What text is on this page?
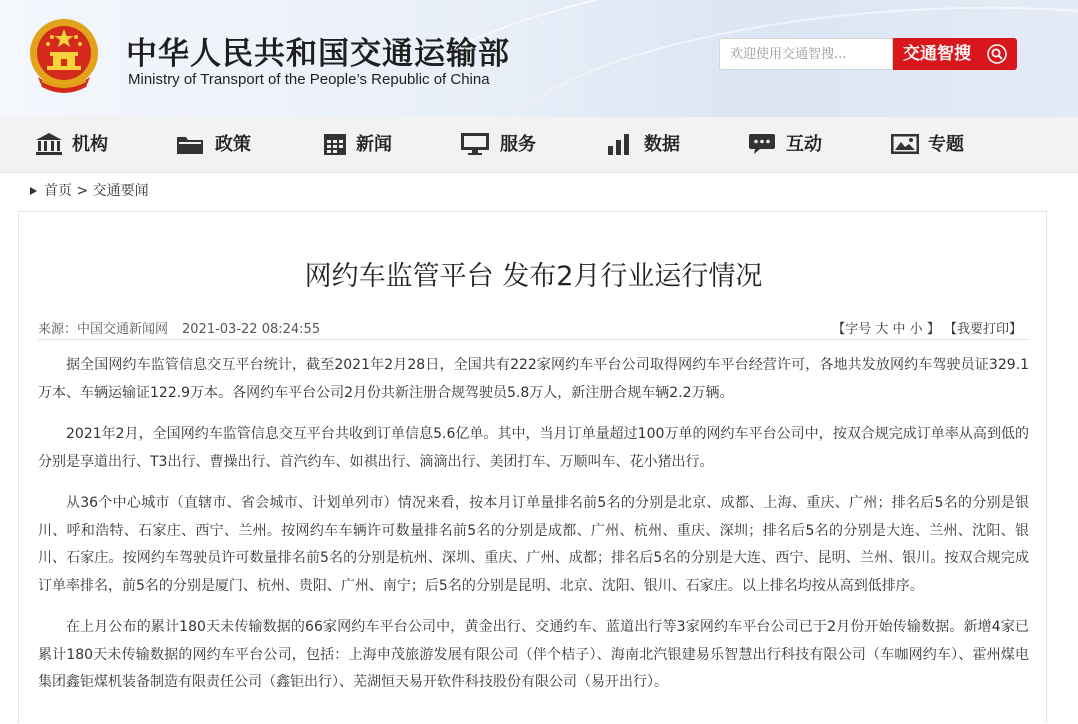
中华人民共和国交通运输部
Ministry of Transport of the People’s Republic of China
欢迎使用交通智搜...
交通智搜
机构	政策	新闻	服务	数据	互动	专题
首页 > 交通要闻
网约车监管平台 发布2月行业运行情况
来源：中国交通新闻网 2021-03-22 08:24:55	【字号 大 中 小 】 【我要打印】

据全国网约车监管信息交互平台统计，截至2021年2月28日，全国共有222家网约车平台公司取得网约车平台经营许可，各地共发放网约车驾驶员证329.1万本、车辆运输证122.9万本。各网约车平台公司2月份共新注册合规驾驶员5.8万人，新注册合规车辆2.2万辆。

2021年2月，全国网约车监管信息交互平台共收到订单信息5.6亿单。其中，当月订单量超过100万单的网约车平台公司中，按双合规完成订单率从高到低的分别是享道出行、T3出行、曹操出行、首汽约车、如祺出行、滴滴出行、美团打车、万顺叫车、花小猪出行。

从36个中心城市（直辖市、省会城市、计划单列市）情况来看，按本月订单量排名前5名的分别是北京、成都、上海、重庆、广州；排名后5名的分别是银川、呼和浩特、石家庄、西宁、兰州。按网约车车辆许可数量排名前5名的分别是成都、广州、杭州、重庆、深圳；排名后5名的分别是大连、兰州、沈阳、银川、石家庄。按网约车驾驶员许可数量排名前5名的分别是杭州、深圳、重庆、广州、成都；排名后5名的分别是大连、西宁、昆明、兰州、银川。按双合规完成订单率排名，前5名的分别是厦门、杭州、贵阳、广州、南宁；后5名的分别是昆明、北京、沈阳、银川、石家庄。以上排名均按从高到低排序。

在上月公布的累计180天未传输数据的66家网约车平台公司中，黄金出行、交通约车、蓝道出行等3家网约车平台公司已于2月份开始传输数据。新增4家已累计180天未传输数据的网约车平台公司，包括：上海申茂旅游发展有限公司（伴个桔子）、海南北汽银建易乐智慧出行科技有限公司（车咖网约车）、霍州煤电集团鑫钜煤机装备制造有限责任公司（鑫钜出行）、芜湖恒天易开软件科技股份有限公司（易开出行）。
